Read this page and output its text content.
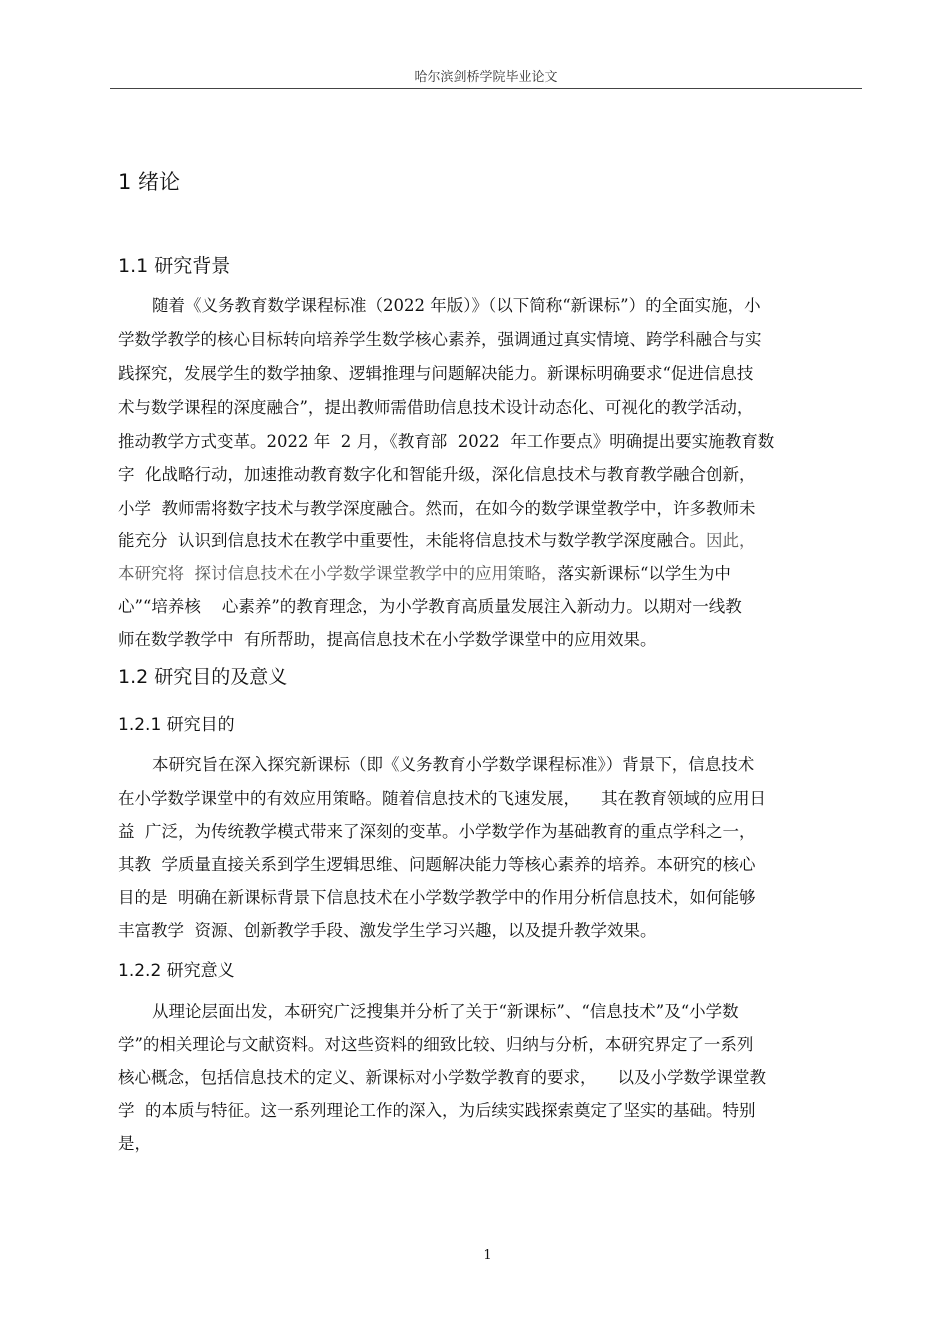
哈尔滨剑桥学院毕业论文
1 绪论
1.1 研究背景
随着《义务教育数学课程标准（2022 年版）》（以下简称“新课标”）的全面实施，小
学数学教学的核心目标转向培养学生数学核心素养，强调通过真实情境、跨学科融合与实
践探究，发展学生的数学抽象、逻辑推理与问题解决能力。新课标明确要求“促进信息技
术与数学课程的深度融合”，提出教师需借助信息技术设计动态化、可视化的教学活动，
推动教学方式变革。2022 年  2 月，《教育部  2022  年工作要点》明确提出要实施教育数
字  化战略行动，加速推动教育数字化和智能升级，深化信息技术与教育教学融合创新，
小学  教师需将数字技术与教学深度融合。然而，在如今的数学课堂教学中，许多教师未
能充分  认识到信息技术在教学中重要性，未能将信息技术与数学教学深度融合。因此，
本研究将  探讨信息技术在小学数学课堂教学中的应用策略，落实新课标“以学生为中
心”“培养核    心素养”的教育理念，为小学教育高质量发展注入新动力。以期对一线教
师在数学教学中  有所帮助，提高信息技术在小学数学课堂中的应用效果。
1.2 研究目的及意义
1.2.1 研究目的
本研究旨在深入探究新课标（即《义务教育小学数学课程标准》）背景下，信息技术
在小学数学课堂中的有效应用策略。随着信息技术的飞速发展，    其在教育领域的应用日
益  广泛，为传统教学模式带来了深刻的变革。小学数学作为基础教育的重点学科之一，
其教  学质量直接关系到学生逻辑思维、问题解决能力等核心素养的培养。本研究的核心
目的是  明确在新课标背景下信息技术在小学数学教学中的作用分析信息技术，如何能够
丰富教学  资源、创新教学手段、激发学生学习兴趣，以及提升教学效果。
1.2.2 研究意义
从理论层面出发，本研究广泛搜集并分析了关于“新课标”、“信息技术”及“小学数
学”的相关理论与文献资料。对这些资料的细致比较、归纳与分析，本研究界定了一系列
核心概念，包括信息技术的定义、新课标对小学数学教育的要求，    以及小学数学课堂教
学  的本质与特征。这一系列理论工作的深入，为后续实践探索奠定了坚实的基础。特别
是，
1
